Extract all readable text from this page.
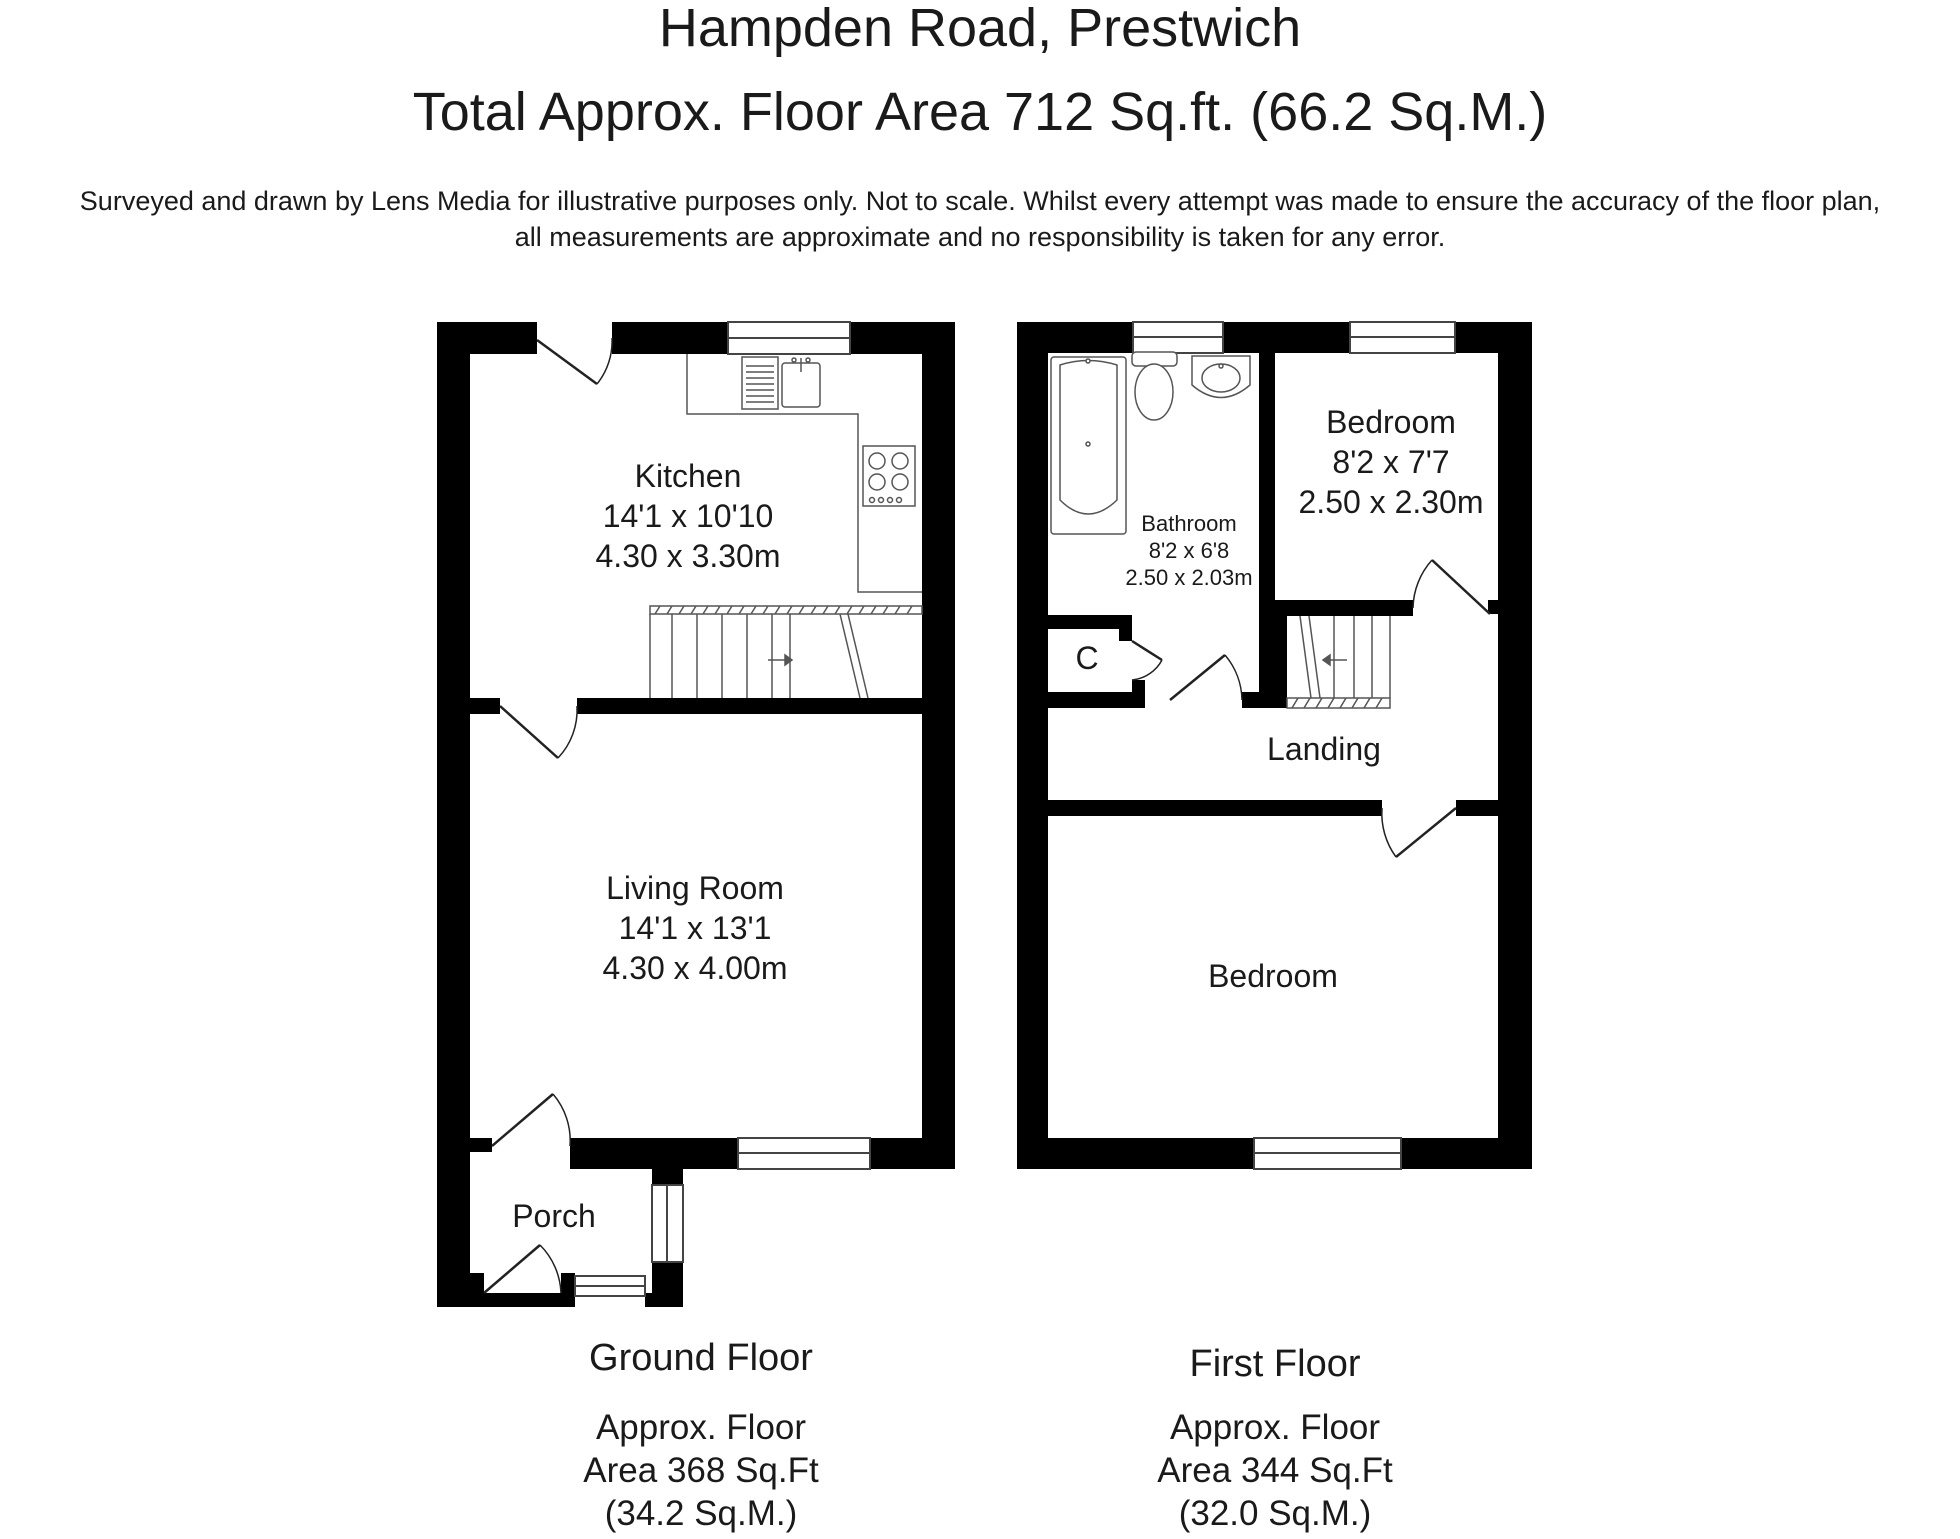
Hampden Road, Prestwich
Total Approx. Floor Area 712 Sq.ft. (66.2 Sq.M.)
Surveyed and drawn by Lens Media for illustrative purposes only. Not to scale. Whilst every attempt was made to ensure the accuracy of the floor plan,
all measurements are approximate and no responsibility is taken for any error.
Kitchen
14'1 x 10'10
4.30 x 3.30m
Living Room
14'1 x 13'1
4.30 x 4.00m
Porch
Bathroom
8'2 x 6'8
2.50 x 2.03m
Bedroom
8'2 x 7'7
2.50 x 2.30m
C
Landing
Bedroom
Ground Floor
Approx. Floor
Area 368 Sq.Ft
(34.2 Sq.M.)
First Floor
Approx. Floor
Area 344 Sq.Ft
(32.0 Sq.M.)
